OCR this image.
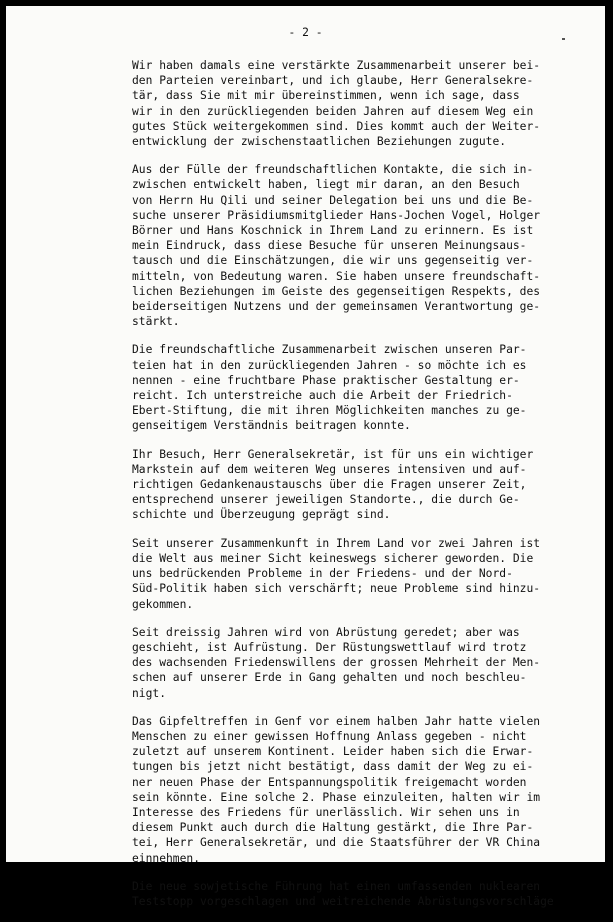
- 2 -

Wir haben damals eine verstärkte Zusammenarbeit unserer bei-
den Parteien vereinbart, und ich glaube, Herr Generalsekre-
tär, dass Sie mit mir übereinstimmen, wenn ich sage, dass
wir in den zurückliegenden beiden Jahren auf diesem Weg ein
gutes Stück weitergekommen sind. Dies kommt auch der Weiter-
entwicklung der zwischenstaatlichen Beziehungen zugute.

Aus der Fülle der freundschaftlichen Kontakte, die sich in-
zwischen entwickelt haben, liegt mir daran, an den Besuch
von Herrn Hu Qili und seiner Delegation bei uns und die Be-
suche unserer Präsidiumsmitglieder Hans-Jochen Vogel, Holger
Börner und Hans Koschnick in Ihrem Land zu erinnern. Es ist
mein Eindruck, dass diese Besuche für unseren Meinungsaus-
tausch und die Einschätzungen, die wir uns gegenseitig ver-
mitteln, von Bedeutung waren. Sie haben unsere freundschaft-
lichen Beziehungen im Geiste des gegenseitigen Respekts, des
beiderseitigen Nutzens und der gemeinsamen Verantwortung ge-
stärkt.

Die freundschaftliche Zusammenarbeit zwischen unseren Par-
teien hat in den zurückliegenden Jahren - so möchte ich es
nennen - eine fruchtbare Phase praktischer Gestaltung er-
reicht. Ich unterstreiche auch die Arbeit der Friedrich-
Ebert-Stiftung, die mit ihren Möglichkeiten manches zu ge-
genseitigem Verständnis beitragen konnte.

Ihr Besuch, Herr Generalsekretär, ist für uns ein wichtiger
Markstein auf dem weiteren Weg unseres intensiven und auf-
richtigen Gedankenaustauschs über die Fragen unserer Zeit,
entsprechend unserer jeweiligen Standorte., die durch Ge-
schichte und Überzeugung geprägt sind.

Seit unserer Zusammenkunft in Ihrem Land vor zwei Jahren ist
die Welt aus meiner Sicht keineswegs sicherer geworden. Die
uns bedrückenden Probleme in der Friedens- und der Nord-
Süd-Politik haben sich verschärft; neue Probleme sind hinzu-
gekommen.

Seit dreissig Jahren wird von Abrüstung geredet; aber was
geschieht, ist Aufrüstung. Der Rüstungswettlauf wird trotz
des wachsenden Friedenswillens der grossen Mehrheit der Men-
schen auf unserer Erde in Gang gehalten und noch beschleu-
nigt.

Das Gipfeltreffen in Genf vor einem halben Jahr hatte vielen
Menschen zu einer gewissen Hoffnung Anlass gegeben - nicht
zuletzt auf unserem Kontinent. Leider haben sich die Erwar-
tungen bis jetzt nicht bestätigt, dass damit der Weg zu ei-
ner neuen Phase der Entspannungspolitik freigemacht worden
sein könnte. Eine solche 2. Phase einzuleiten, halten wir im
Interesse des Friedens für unerlässlich. Wir sehen uns in
diesem Punkt auch durch die Haltung gestärkt, die Ihre Par-
tei, Herr Generalsekretär, und die Staatsführer der VR China
einnehmen.

Die neue sowjetische Führung hat einen umfassenden nuklearen
Teststopp vorgeschlagen und weitreichende Abrüstungsvorschläge
